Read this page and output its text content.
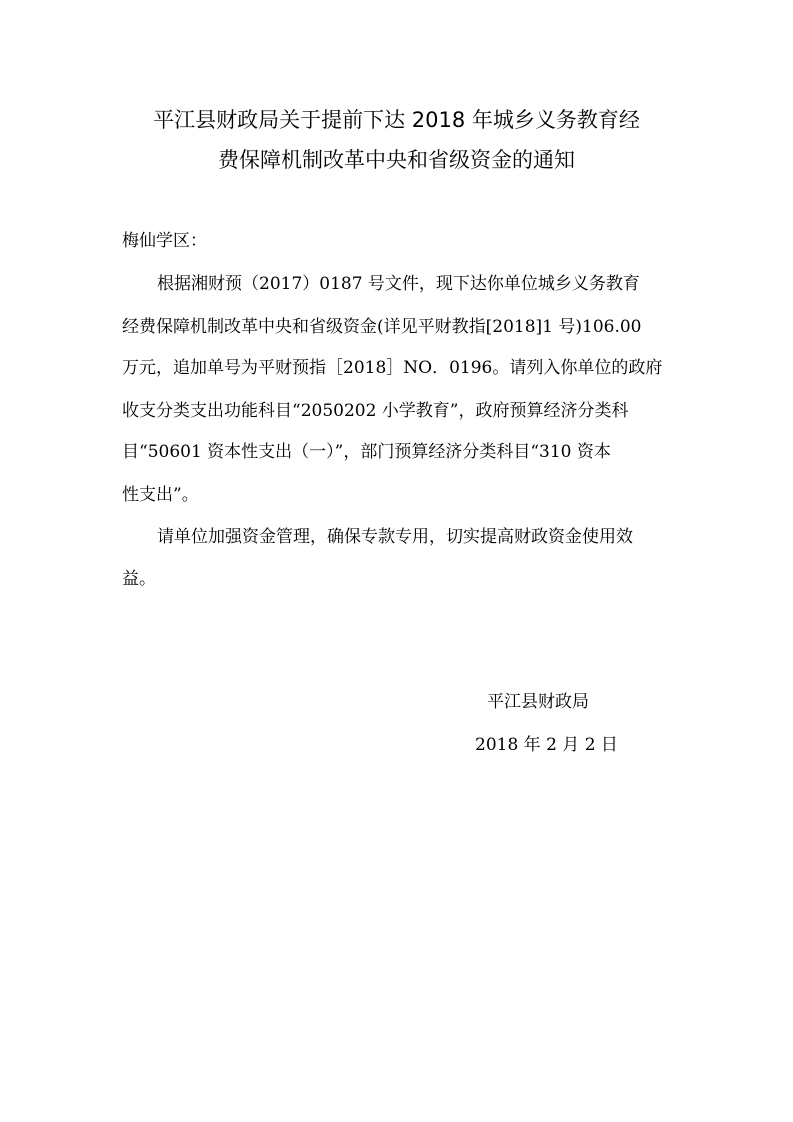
平江县财政局关于提前下达 2018 年城乡义务教育经
费保障机制改革中央和省级资金的通知
梅仙学区：
根据湘财预（2017）0187 号文件，现下达你单位城乡义务教育
经费保障机制改革中央和省级资金(详见平财教指[2018]1 号)106.00
万元，追加单号为平财预指［2018］NO．0196。请列入你单位的政府
收支分类支出功能科目“2050202 小学教育”，政府预算经济分类科
目“50601 资本性支出（一）”，部门预算经济分类科目“310 资本
性支出”。
请单位加强资金管理，确保专款专用，切实提高财政资金使用效
益。
平江县财政局
2018 年 2 月 2 日
